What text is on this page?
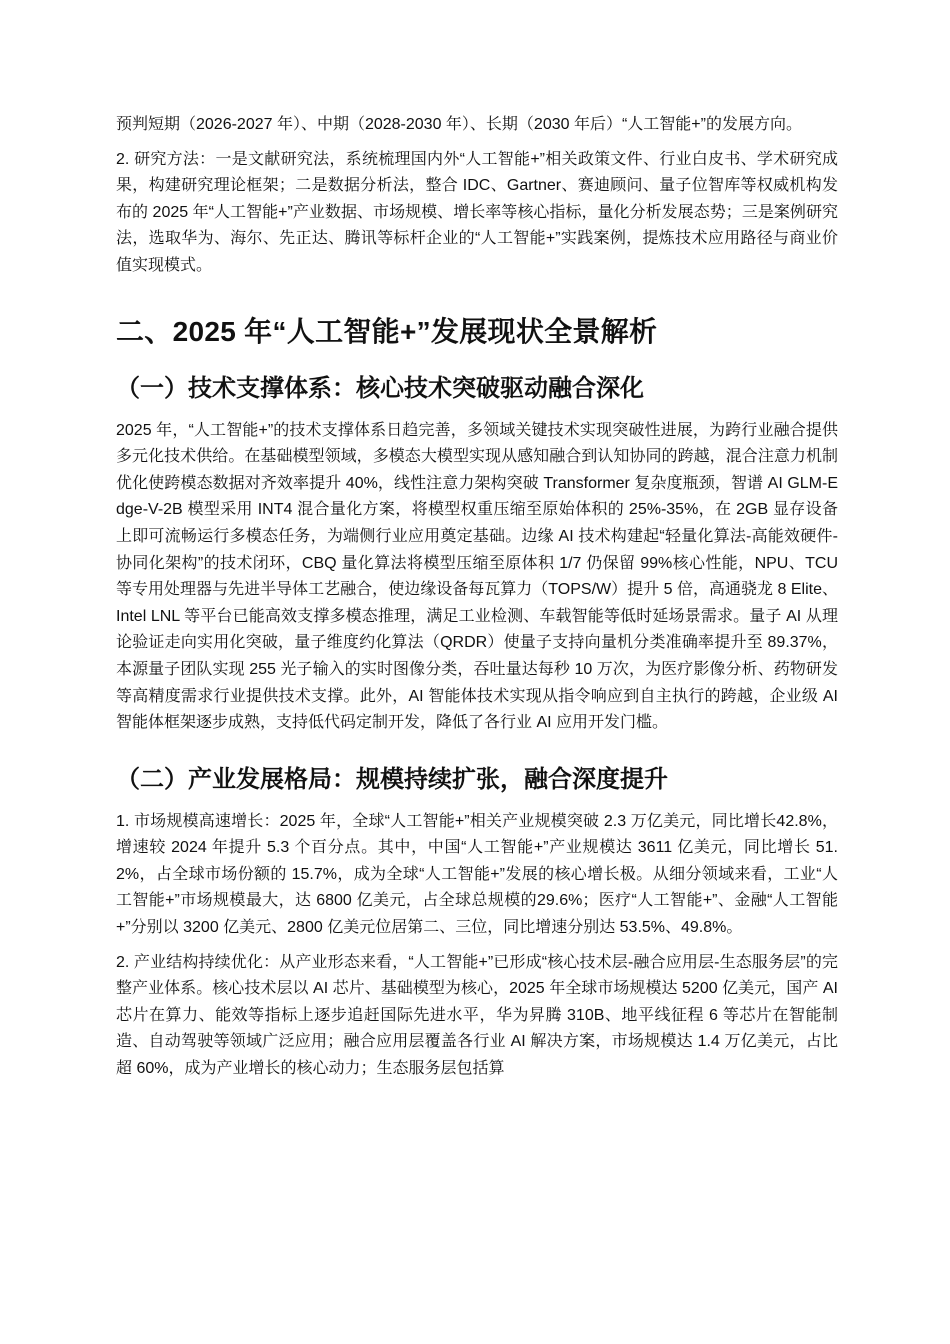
预判短期（2026-2027 年）、中期（2028-2030 年）、长期（2030 年后）“人工智能+”的发展方向。

2. 研究方法：一是文献研究法，系统梳理国内外“人工智能+”相关政策文件、行业白皮书、学术研究成果，构建研究理论框架；二是数据分析法，整合 IDC、Gartner、赛迪顾问、量子位智库等权威机构发布的 2025 年“人工智能+”产业数据、市场规模、增长率等核心指标，量化分析发展态势；三是案例研究法，选取华为、海尔、先正达、腾讯等标杆企业的“人工智能+”实践案例，提炼技术应用路径与商业价值实现模式。

二、2025 年“人工智能+”发展现状全景解析
（一）技术支撑体系：核心技术突破驱动融合深化

2025 年，“人工智能+”的技术支撑体系日趋完善，多领域关键技术实现突破性进展，为跨行业融合提供多元化技术供给。在基础模型领域，多模态大模型实现从感知融合到认知协同的跨越，混合注意力机制优化使跨模态数据对齐效率提升 40%，线性注意力架构突破 Transformer 复杂度瓶颈，智谱 AI GLM-Edge-V-2B 模型采用 INT4 混合量化方案，将模型权重压缩至原始体积的 25%-35%，在 2GB 显存设备上即可流畅运行多模态任务，为端侧行业应用奠定基础。边缘 AI 技术构建起“轻量化算法-高能效硬件-协同化架构”的技术闭环，CBQ 量化算法将模型压缩至原体积 1/7 仍保留 99%核心性能，NPU、TCU 等专用处理器与先进半导体工艺融合，使边缘设备每瓦算力（TOPS/W）提升 5 倍，高通骁龙 8 Elite、Intel LNL 等平台已能高效支撑多模态推理，满足工业检测、车载智能等低时延场景需求。量子 AI 从理论验证走向实用化突破，量子维度约化算法（QRDR）使量子支持向量机分类准确率提升至 89.37%，本源量子团队实现 255 光子输入的实时图像分类，吞吐量达每秒 10 万次，为医疗影像分析、药物研发等高精度需求行业提供技术支撑。此外，AI 智能体技术实现从指令响应到自主执行的跨越，企业级 AI 智能体框架逐步成熟，支持低代码定制开发，降低了各行业 AI 应用开发门槛。

（二）产业发展格局：规模持续扩张，融合深度提升

1. 市场规模高速增长：2025 年，全球“人工智能+”相关产业规模突破 2.3 万亿美元，同比增长42.8%，增速较 2024 年提升 5.3 个百分点。其中，中国“人工智能+”产业规模达 3611 亿美元，同比增长 51.2%，占全球市场份额的 15.7%，成为全球“人工智能+”发展的核心增长极。从细分领域来看，工业“人工智能+”市场规模最大，达 6800 亿美元，占全球总规模的29.6%；医疗“人工智能+”、金融“人工智能+”分别以 3200 亿美元、2800 亿美元位居第二、三位，同比增速分别达 53.5%、49.8%。

2. 产业结构持续优化：从产业形态来看，“人工智能+”已形成“核心技术层-融合应用层-生态服务层”的完整产业体系。核心技术层以 AI 芯片、基础模型为核心，2025 年全球市场规模达 5200 亿美元，国产 AI 芯片在算力、能效等指标上逐步追赶国际先进水平，华为昇腾 310B、地平线征程 6 等芯片在智能制造、自动驾驶等领域广泛应用；融合应用层覆盖各行业 AI 解决方案，市场规模达 1.4 万亿美元，占比超 60%，成为产业增长的核心动力；生态服务层包括算
